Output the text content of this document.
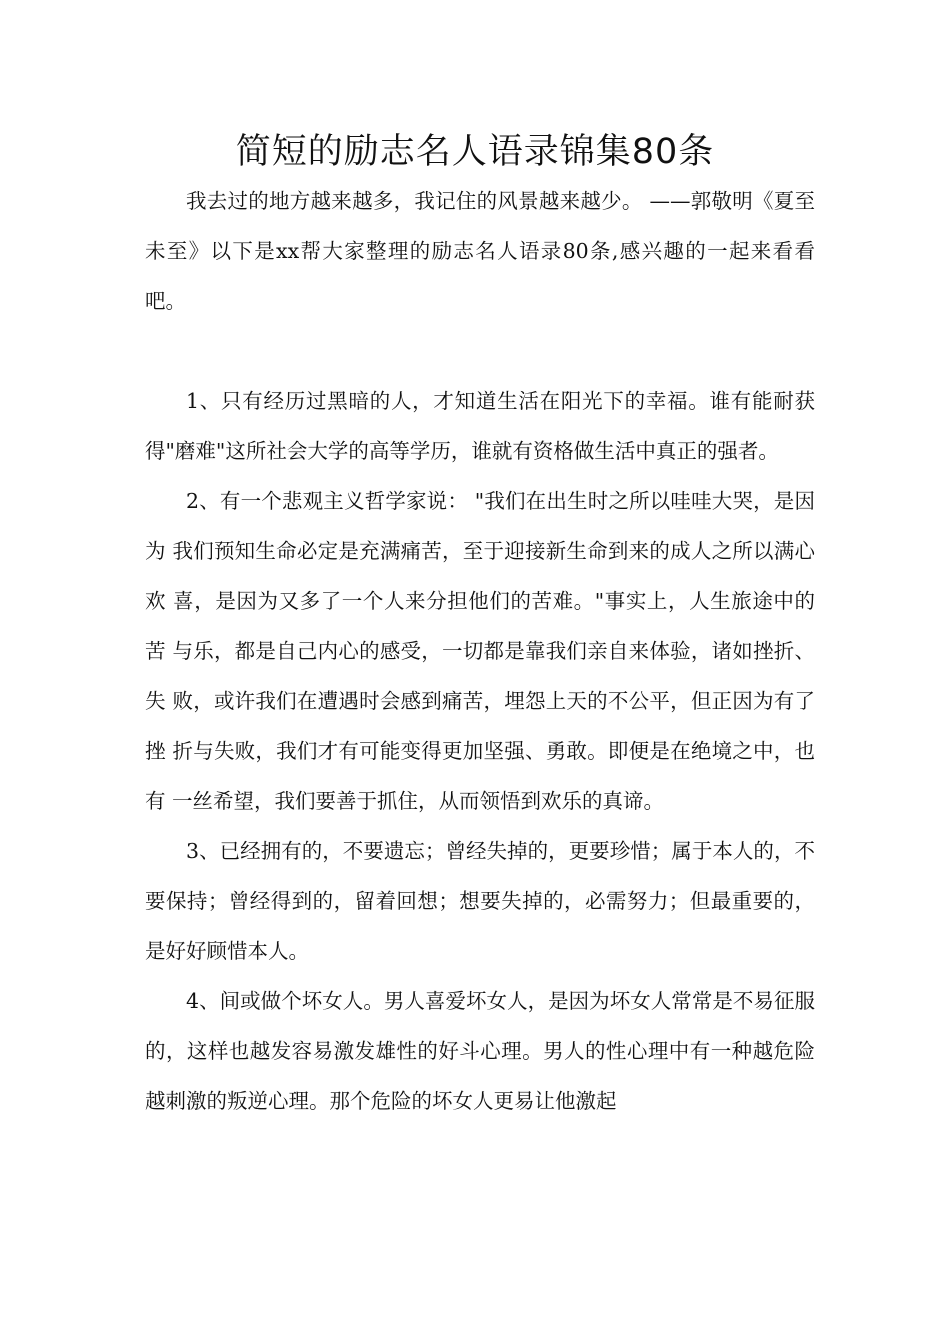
简短的励志名人语录锦集80条

我去过的地方越来越多，我记住的风景越来越少。 ——郭敬明《夏至未至》以下是xx帮大家整理的励志名人语录80条,感兴趣的一起来看看吧。

1、只有经历过黑暗的人，才知道生活在阳光下的幸福。谁有能耐获得"磨难"这所社会大学的高等学历，谁就有资格做生活中真正的强者。

2、有一个悲观主义哲学家说： "我们在出生时之所以哇哇大哭，是因为 我们预知生命必定是充满痛苦，至于迎接新生命到来的成人之所以满心欢 喜，是因为又多了一个人来分担他们的苦难。"事实上，人生旅途中的苦 与乐，都是自己内心的感受，一切都是靠我们亲自来体验，诸如挫折、失 败，或许我们在遭遇时会感到痛苦，埋怨上天的不公平，但正因为有了挫 折与失败，我们才有可能变得更加坚强、勇敢。即便是在绝境之中，也有 一丝希望，我们要善于抓住，从而领悟到欢乐的真谛。

3、已经拥有的，不要遗忘；曾经失掉的，更要珍惜；属于本人的，不要保持；曾经得到的，留着回想；想要失掉的，必需努力；但最重要的，是好好顾惜本人。

4、间或做个坏女人。男人喜爱坏女人，是因为坏女人常常是不易征服的，这样也越发容易激发雄性的好斗心理。男人的性心理中有一种越危险越刺激的叛逆心理。那个危险的坏女人更易让他激起
